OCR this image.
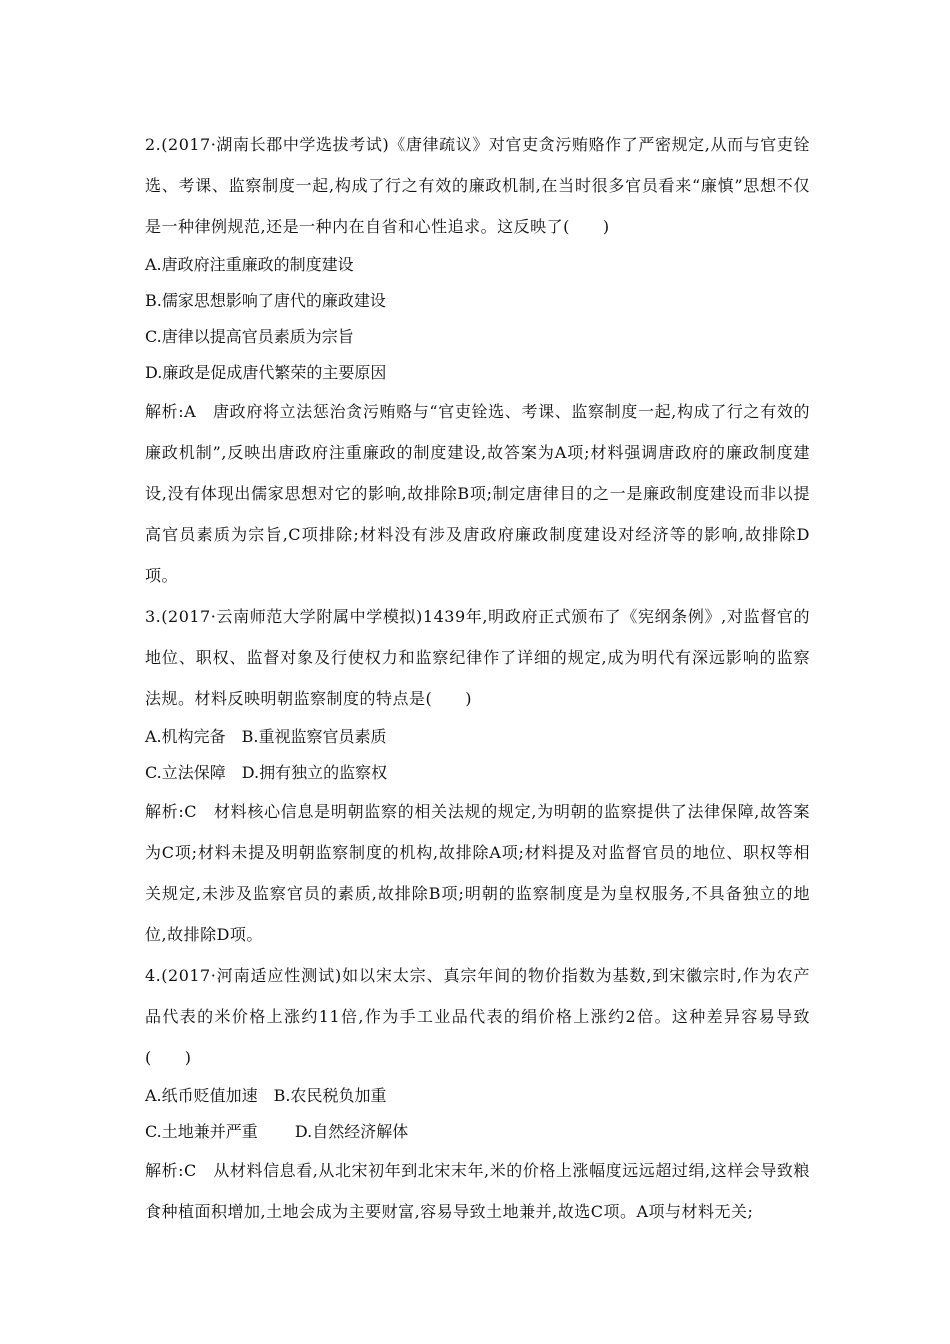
2.(2017·湖南长郡中学选拔考试)《唐律疏议》对官吏贪污贿赂作了严密规定,从而与官吏铨选、考课、监察制度一起,构成了行之有效的廉政机制,在当时很多官员看来“廉慎”思想不仅是一种律例规范,还是一种内在自省和心性追求。这反映了(　　)

A.唐政府注重廉政的制度建设

B.儒家思想影响了唐代的廉政建设

C.唐律以提高官员素质为宗旨

D.廉政是促成唐代繁荣的主要原因

解析:A　唐政府将立法惩治贪污贿赂与“官吏铨选、考课、监察制度一起,构成了行之有效的廉政机制”,反映出唐政府注重廉政的制度建设,故答案为A项;材料强调唐政府的廉政制度建设,没有体现出儒家思想对它的影响,故排除B项;制定唐律目的之一是廉政制度建设而非以提高官员素质为宗旨,C项排除;材料没有涉及唐政府廉政制度建设对经济等的影响,故排除D项。

3.(2017·云南师范大学附属中学模拟)1439年,明政府正式颁布了《宪纲条例》,对监督官的地位、职权、监督对象及行使权力和监察纪律作了详细的规定,成为明代有深远影响的监察法规。材料反映明朝监察制度的特点是(　　)

A.机构完备　B.重视监察官员素质

C.立法保障　D.拥有独立的监察权

解析:C　材料核心信息是明朝监察的相关法规的规定,为明朝的监察提供了法律保障,故答案为C项;材料未提及明朝监察制度的机构,故排除A项;材料提及对监督官员的地位、职权等相关规定,未涉及监察官员的素质,故排除B项;明朝的监察制度是为皇权服务,不具备独立的地位,故排除D项。

4.(2017·河南适应性测试)如以宋太宗、真宗年间的物价指数为基数,到宋徽宗时,作为农产品代表的米价格上涨约11倍,作为手工业品代表的绢价格上涨约2倍。这种差异容易导致(　　)

A.纸币贬值加速　B.农民税负加重

C.土地兼并严重　　 D.自然经济解体

解析:C　从材料信息看,从北宋初年到北宋末年,米的价格上涨幅度远远超过绢,这样会导致粮食种植面积增加,土地会成为主要财富,容易导致土地兼并,故选C项。A项与材料无关;
